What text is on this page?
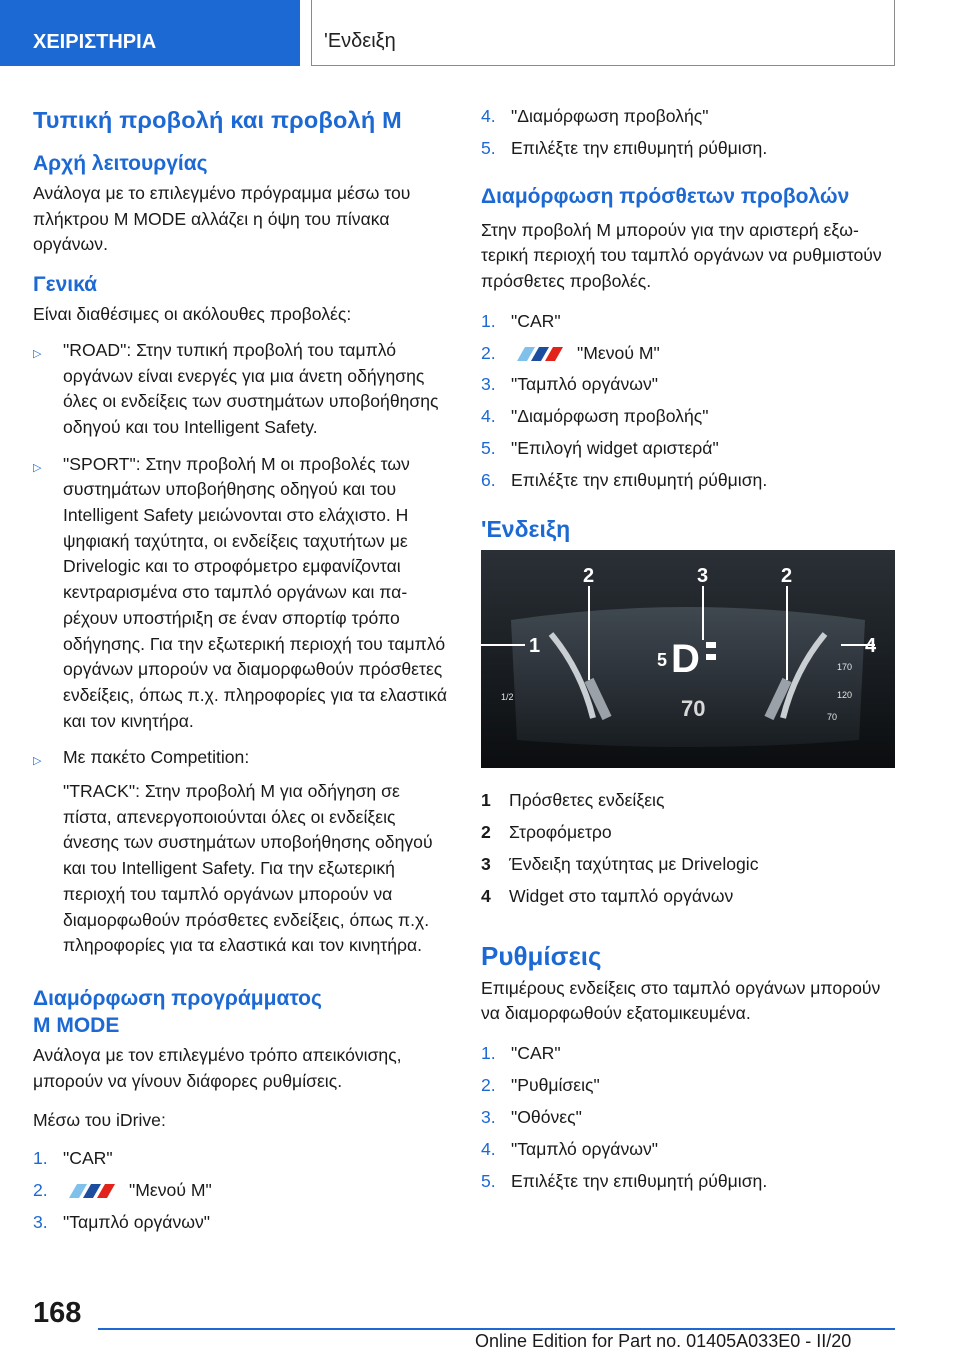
ΧΕΙΡΙΣΤΗΡΙΑ	'Ενδειξη
Τυπική προβολή και προβολή M
Αρχή λειτουργίας

Ανάλογα με το επιλεγμένο πρόγραμμα μέσω του πλήκτρου M MODE αλλάζει η όψη του πίνακα οργάνων.

Γενικά

Είναι διαθέσιμες οι ακόλουθες προβολές:

▷ "ROAD": Στην τυπική προβολή του ταμπλό οργάνων είναι ενεργές για μια άνετη οδήγησης όλες οι ενδείξεις των συστημάτων υποβοήθησης οδηγού και του Intelligent Safety.
▷ "SPORT": Στην προβολή M οι προβολές των συστημάτων υποβοήθησης οδηγού και του Intelligent Safety μειώνονται στο ελάχιστο. Η ψηφιακή ταχύτητα, οι ενδείξεις ταχυτήτων με Drivelogic και το στροφόμετρο εμφανίζονται κεντραρισμένα στο ταμπλό οργάνων και παρέχουν υποστήριξη σε έναν σπορτίφ τρόπο οδήγησης. Για την εξωτερική περιοχή του ταμπλό οργάνων μπορούν να διαμορφωθούν πρόσθετες ενδείξεις, όπως π.χ. πληροφορίες για τα ελαστικά και τον κινητήρα.
▷ Με πακέτο Competition:

"TRACK": Στην προβολή M για οδήγηση σε πίστα, απενεργοποιούνται όλες οι ενδείξεις άνεσης των συστημάτων υποβοήθησης οδηγού και του Intelligent Safety. Για την εξωτερική περιοχή του ταμπλό οργάνων μπορούν να διαμορφωθούν πρόσθετες ενδείξεις, όπως π.χ. πληροφορίες για τα ελαστικά και τον κινητήρα.

Διαμόρφωση προγράμματος
M MODE

Ανάλογα με τον επιλεγμένο τρόπο απεικόνισης, μπορούν να γίνουν διάφορες ρυθμίσεις.

Μέσω του iDrive:

1. "CAR"
2.	"Μενού M"
3. "Ταμπλό οργάνων"
4. "Διαμόρφωση προβολής"
5. Επιλέξτε την επιθυμητή ρύθμιση.
Διαμόρφωση πρόσθετων προβολών

Στην προβολή M μπορούν για την αριστερή εξωτερική περιοχή του ταμπλό οργάνων να ρυθμιστούν πρόσθετες προβολές.

1. "CAR"
2.	"Μενού M"
3. "Ταμπλό οργάνων"
4. "Διαμόρφωση προβολής"
5. "Επιλογή widget αριστερά"
6. Επιλέξτε την επιθυμητή ρύθμιση.
'Ενδειξη
1/2
170
120
70
5 D
70
1
2	3	2
4
1 Πρόσθετες ενδείξεις
2 Στροφόμετρο
3 Ένδειξη ταχύτητας με Drivelogic
4 Widget στο ταμπλό οργάνων
Ρυθμίσεις

Επιμέρους ενδείξεις στο ταμπλό οργάνων μπορούν να διαμορφωθούν εξατομικευμένα.

1. "CAR"
2. "Ρυθμίσεις"
3. "Οθόνες"
4. "Ταμπλό οργάνων"
5. Επιλέξτε την επιθυμητή ρύθμιση.
168
Online Edition for Part no. 01405A033E0 - II/20
